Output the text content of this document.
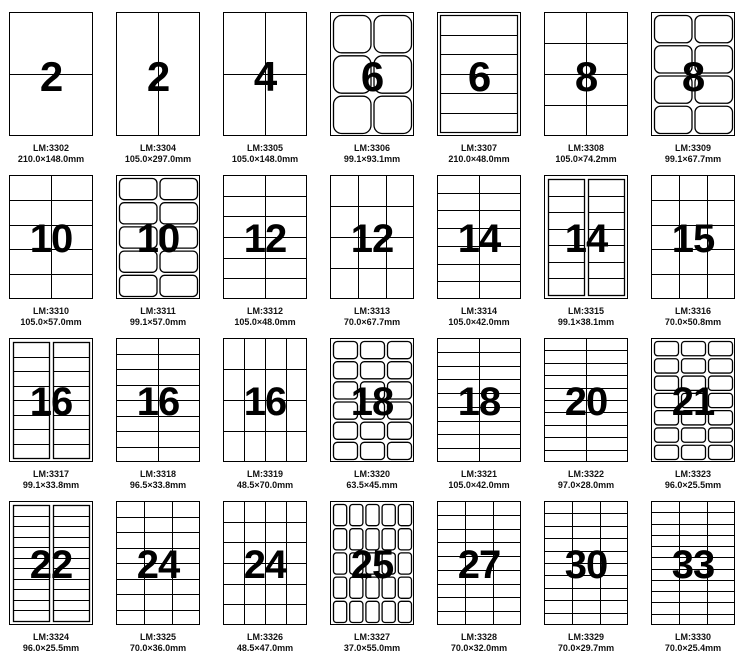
2
LM:3302
210.0×148.0mm
2
LM:3304
105.0×297.0mm
4
LM:3305
105.0×148.0mm
6
LM:3306
99.1×93.1mm
6
LM:3307
210.0×48.0mm
8
LM:3308
105.0×74.2mm
8
LM:3309
99.1×67.7mm
10
LM:3310
105.0×57.0mm
10
LM:3311
99.1×57.0mm
12
LM:3312
105.0×48.0mm
12
LM:3313
70.0×67.7mm
14
LM:3314
105.0×42.0mm
14
LM:3315
99.1×38.1mm
15
LM:3316
70.0×50.8mm
16
LM:3317
99.1×33.8mm
16
LM:3318
96.5×33.8mm
16
LM:3319
48.5×70.0mm
18
LM:3320
63.5×45.mm
18
LM:3321
105.0×42.0mm
20
LM:3322
97.0×28.0mm
21
LM:3323
96.0×25.5mm
22
LM:3324
96.0×25.5mm
24
LM:3325
70.0×36.0mm
24
LM:3326
48.5×47.0mm
25
LM:3327
37.0×55.0mm
27
LM:3328
70.0×32.0mm
30
LM:3329
70.0×29.7mm
33
LM:3330
70.0×25.4mm
